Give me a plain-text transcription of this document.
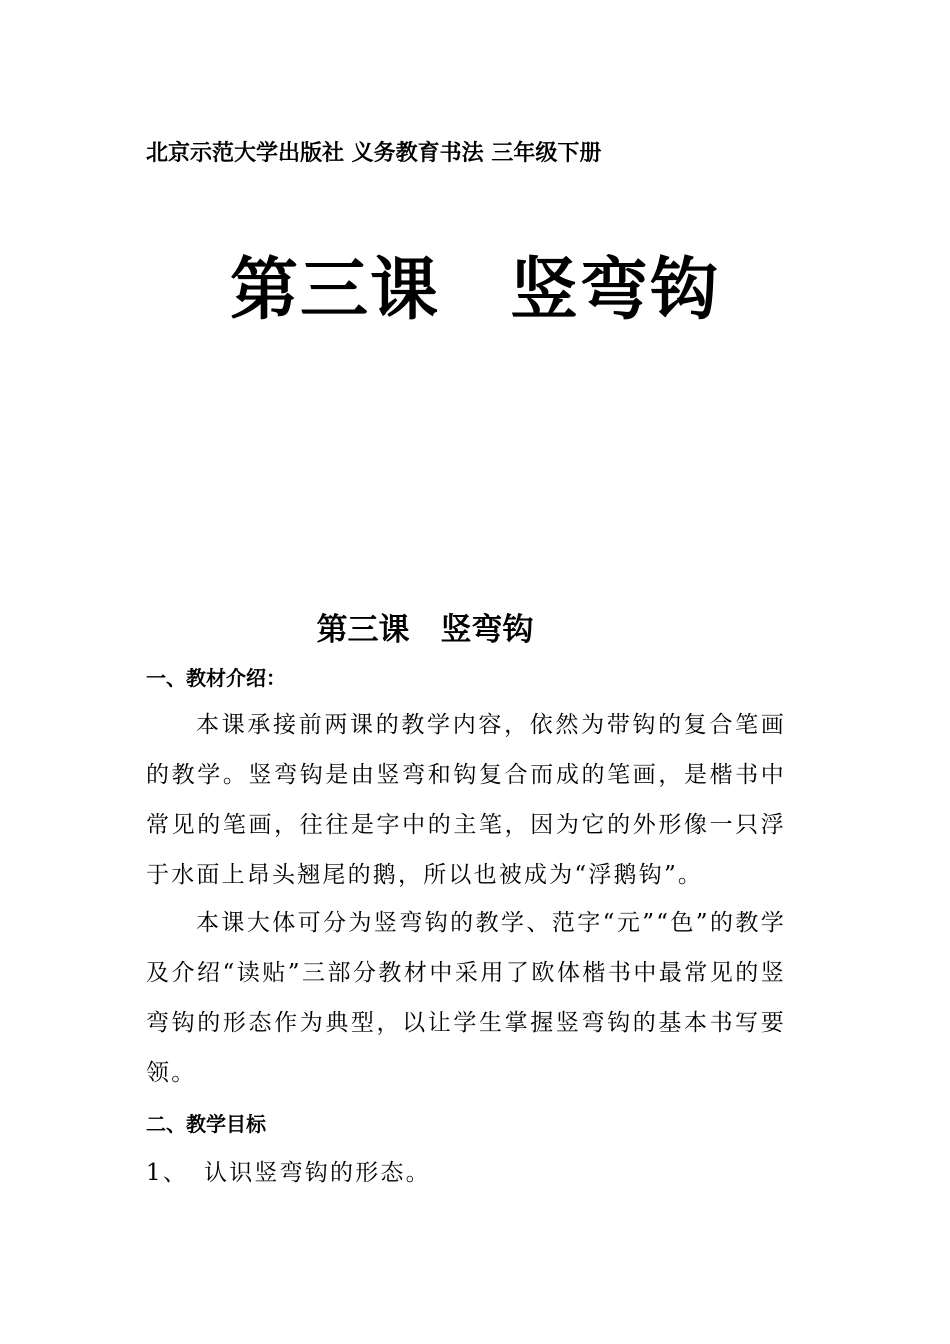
北京示范大学出版社 义务教育书法 三年级下册
第三课　竖弯钩
第三课　竖弯钩
一、教材介绍：

本课承接前两课的教学内容，依然为带钩的复合笔画的教学。竖弯钩是由竖弯和钩复合而成的笔画，是楷书中常见的笔画，往往是字中的主笔，因为它的外形像一只浮于水面上昂头翘尾的鹅，所以也被成为“浮鹅钩”。

本课大体可分为竖弯钩的教学、范字“元”“色”的教学及介绍“读贴”三部分教材中采用了欧体楷书中最常见的竖弯钩的形态作为典型，以让学生掌握竖弯钩的基本书写要领。

二、教学目标
1、 认识竖弯钩的形态。
